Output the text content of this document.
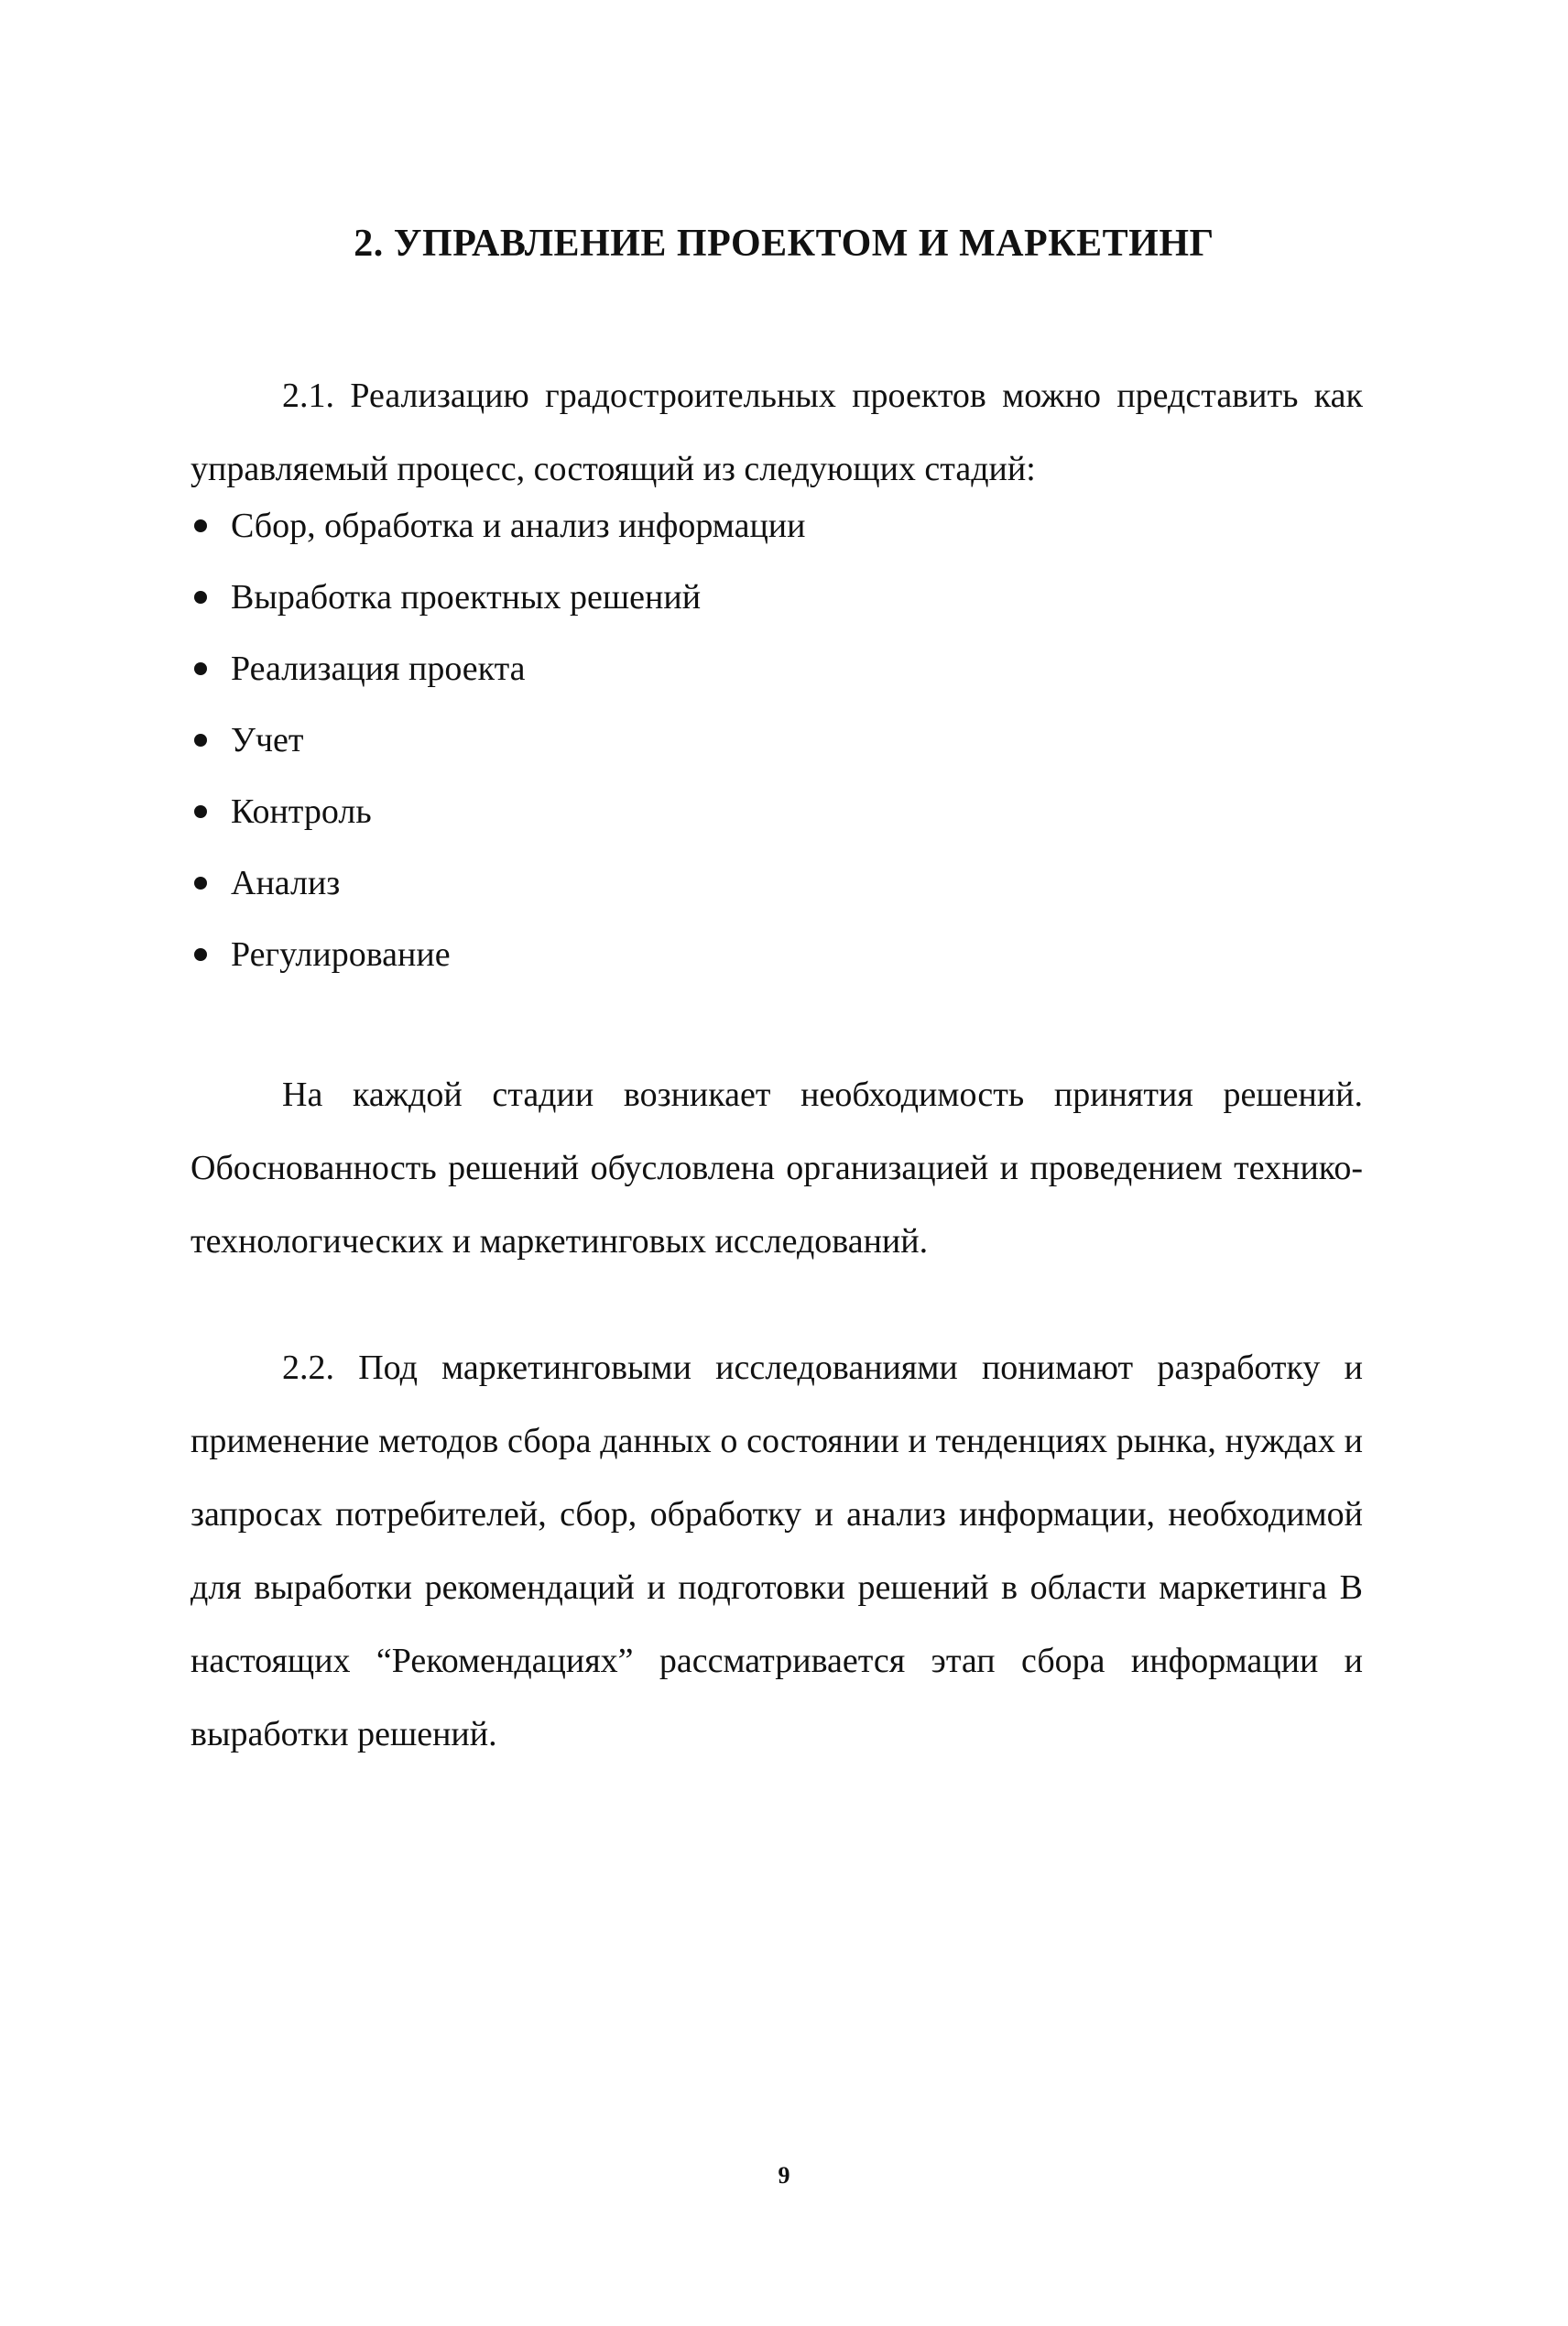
2. УПРАВЛЕНИЕ ПРОЕКТОМ И МАРКЕТИНГ

2.1. Реализацию градостроительных проектов можно представить как управляемый процесс, состоящий из следующих стадий:

Сбор, обработка и анализ информации
Выработка проектных решений
Реализация проекта
Учет
Контроль
Анализ
Регулирование

На каждой стадии возникает необходимость принятия решений. Обоснованность решений обусловлена организацией и проведением технико-технологических и маркетинговых исследований.

2.2. Под маркетинговыми исследованиями понимают разработку и применение методов сбора данных о состоянии и тенденциях рынка, нуждах и запросах потребителей, сбор, обработку и анализ информации, необходимой для выработки рекомендаций и подготовки решений в области маркетинга В настоящих “Рекомендациях” рассматривается этап сбора информации и выработки решений.

9
